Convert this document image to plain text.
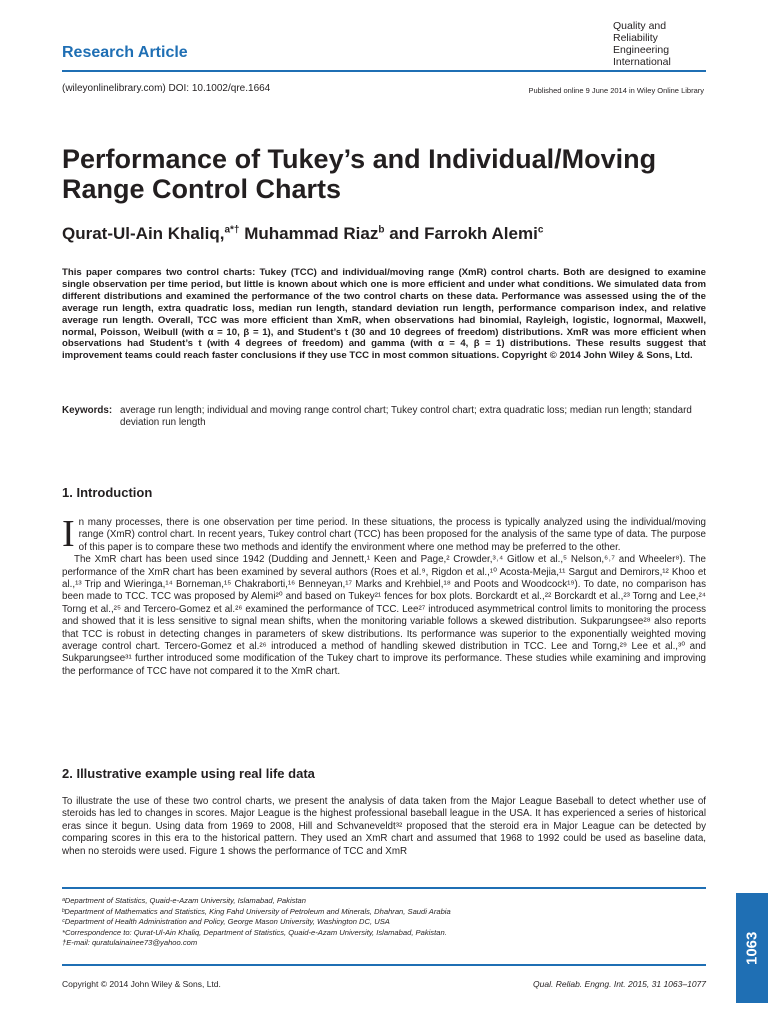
Quality and
Reliability
Engineering
International
Research Article
(wileyonlinelibrary.com) DOI: 10.1002/qre.1664	Published online 9 June 2014 in Wiley Online Library
Performance of Tukey’s and Individual/Moving Range Control Charts
Qurat-Ul-Ain Khaliq,$^{a*\dagger}$ Muhammad Riaz$^b$ and Farrokh Alemi$^c$
This paper compares two control charts: Tukey (TCC) and individual/moving range (XmR) control charts. Both are designed to examine single observation per time period, but little is known about which one is more efficient and under what conditions. We simulated data from different distributions and examined the performance of the two control charts on these data. Performance was assessed using the of the average run length, extra quadratic loss, median run length, standard deviation run length, performance comparison index, and relative average run length. Overall, TCC was more efficient than XmR, when observations had binomial, Rayleigh, logistic, lognormal, Maxwell, normal, Poisson, Weibull (with α = 10, β = 1), and Student’s t (30 and 10 degrees of freedom) distributions. XmR was more efficient when observations had Student’s t (with 4 degrees of freedom) and gamma (with α = 4, β = 1) distributions. These results suggest that improvement teams could reach faster conclusions if they use TCC in most common situations. Copyright © 2014 John Wiley & Sons, Ltd.
Keywords: average run length; individual and moving range control chart; Tukey control chart; extra quadratic loss; median run length; standard deviation run length
1. Introduction

In many processes, there is one observation per time period. In these situations, the process is typically analyzed using the individual/moving range (XmR) control chart. In recent years, Tukey control chart (TCC) has been proposed for the analysis of the same type of data. The purpose of this paper is to compare these two methods and identify the environment where one method may be preferred to the other.

The XmR chart has been used since 1942 (Dudding and Jennett,¹ Keen and Page,² Crowder,³˒⁴ Gitlow et al.,⁵ Nelson,⁶˒⁷ and Wheeler⁸). The performance of the XmR chart has been examined by several authors (Roes et al.⁹, Rigdon et al.,¹⁰ Acosta-Mejia,¹¹ Sargut and Demirors,¹² Khoo et al.,¹³ Trip and Wieringa,¹⁴ Borneman,¹⁵ Chakraborti,¹⁶ Benneyan,¹⁷ Marks and Krehbiel,¹⁸ and Poots and Woodcock¹⁹). To date, no comparison has been made to TCC. TCC was proposed by Alemi²⁰ and based on Tukey²¹ fences for box plots. Borckardt et al.,²² Borckardt et al.,²³ Torng and Lee,²⁴ Torng et al.,²⁵ and Tercero-Gomez et al.²⁶ examined the performance of TCC. Lee²⁷ introduced asymmetrical control limits to monitoring the process and showed that it is less sensitive to signal mean shifts, when the monitoring variable follows a skewed distribution. Sukparungsee²⁸ also reports that TCC is robust in detecting changes in parameters of skew distributions. Its performance was superior to the exponentially weighted moving average control chart. Tercero-Gomez et al.²⁶ introduced a method of handling skewed distribution in TCC. Lee and Torng,²⁹ Lee et al.,³⁰ and Sukparungsee³¹ further introduced some modification of the Tukey chart to improve its performance. These studies while examining and improving the performance of TCC have not compared it to the XmR chart.

2. Illustrative example using real life data

To illustrate the use of these two control charts, we present the analysis of data taken from the Major League Baseball to detect whether use of steroids has led to changes in scores. Major League is the highest professional baseball league in the USA. It has experienced a series of historical eras since it begun. Using data from 1969 to 2008, Hill and Schvaneveldt³² proposed that the steroid era in Major League can be detected by comparing scores in this era to the historical pattern. They used an XmR chart and assumed that 1968 to 1992 could be used as baseline data, when no steroids were used. Figure 1 shows the performance of TCC and XmR

ᵃDepartment of Statistics, Quaid-e-Azam University, Islamabad, Pakistan
ᵇDepartment of Mathematics and Statistics, King Fahd University of Petroleum and Minerals, Dhahran, Saudi Arabia
ᶜDepartment of Health Administration and Policy, George Mason University, Washington DC, USA
*Correspondence to: Qurat-Ul-Ain Khaliq, Department of Statistics, Quaid-e-Azam University, Islamabad, Pakistan.
†E-mail: quratulainainee73@yahoo.com
Copyright © 2014 John Wiley & Sons, Ltd.	Qual. Reliab. Engng. Int. 2015, 31 1063–1077
1063
